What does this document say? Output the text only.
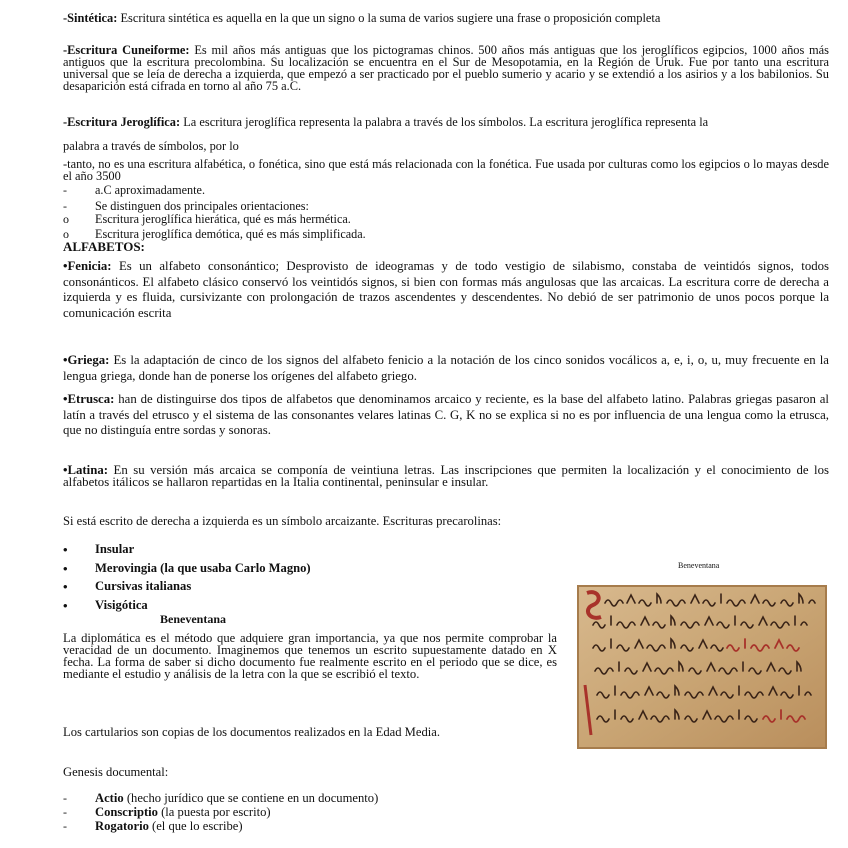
-Sintética: Escritura sintética es aquella en la que un signo o la suma de varios sugiere una frase o proposición completa

-Escritura Cuneiforme: Es mil años más antiguas que los pictogramas chinos. 500 años más antiguas que los jeroglíficos egipcios, 1000 años más antiguos que la escritura precolombina. Su localización se encuentra en el Sur de Mesopotamia, en la Región de Uruk. Fue por tanto una escritura universal que se leía de derecha a izquierda, que empezó a ser practicado por el pueblo sumerio y acario y se extendió a los asirios y a los babilonios. Su desaparición está cifrada en torno al año 75 a.C.

-Escritura Jeroglífica: La escritura jeroglífica representa la palabra a través de los símbolos. La escritura jeroglífica representa la

palabra a través de símbolos, por lo

-tanto, no es una escritura alfabética, o fonética, sino que está más relacionada con la fonética. Fue usada por culturas como los egipcios o lo mayas desde el año 3500

- a.C aproximadamente.
- Se distinguen dos principales orientaciones:
o Escritura jeroglífica hierática, qué es más hermética.
o Escritura jeroglífica demótica, qué es más simplificada.
ALFABETOS:

•Fenicia: Es un alfabeto consonántico; Desprovisto de ideogramas y de todo vestigio de silabismo, constaba de veintidós signos, todos consonánticos. El alfabeto clásico conservó los veintidós signos, si bien con formas más angulosas que las arcaicas. La escritura corre de derecha a izquierda y es fluida, cursivizante con prolongación de trazos ascendentes y descendentes. No debió de ser patrimonio de unos pocos porque la comunicación escrita

•Griega: Es la adaptación de cinco de los signos del alfabeto fenicio a la notación de los cinco sonidos vocálicos a, e, i, o, u, muy frecuente en la lengua griega, donde han de ponerse los orígenes del alfabeto griego.

•Etrusca: han de distinguirse dos tipos de alfabetos que denominamos arcaico y reciente, es la base del alfabeto latino. Palabras griegas pasaron al latín a través del etrusco y el sistema de las consonantes velares latinas C. G, K no se explica si no es por influencia de una lengua como la etrusca, que no distinguía entre sordas y sonoras.

•Latina: En su versión más arcaica se componía de veintiuna letras. Las inscripciones que permiten la localización y el conocimiento de los alfabetos itálicos se hallaron repartidas en la Italia continental, peninsular e insular.

Si está escrito de derecha a izquierda es un símbolo arcaizante. Escrituras precarolinas:

• Insular
• Merovingia (la que usaba Carlo Magno)
• Cursivas italianas
• Visigótica
Beneventana

La diplomática es el método que adquiere gran importancia, ya que nos permite comprobar la veracidad de un documento. Imaginemos que tenemos un escrito supuestamente datado en X fecha. La forma de saber si dicho documento fue realmente escrito en el periodo que se dice, es mediante el estudio y análisis de la letra con la que se escribió el texto.

Los cartularios son copias de los documentos realizados en la Edad Media.

Genesis documental:

- Actio (hecho jurídico que se contiene en un documento)
- Conscriptio (la puesta por escrito)
- Rogatorio (el que lo escribe)
Beneventana
